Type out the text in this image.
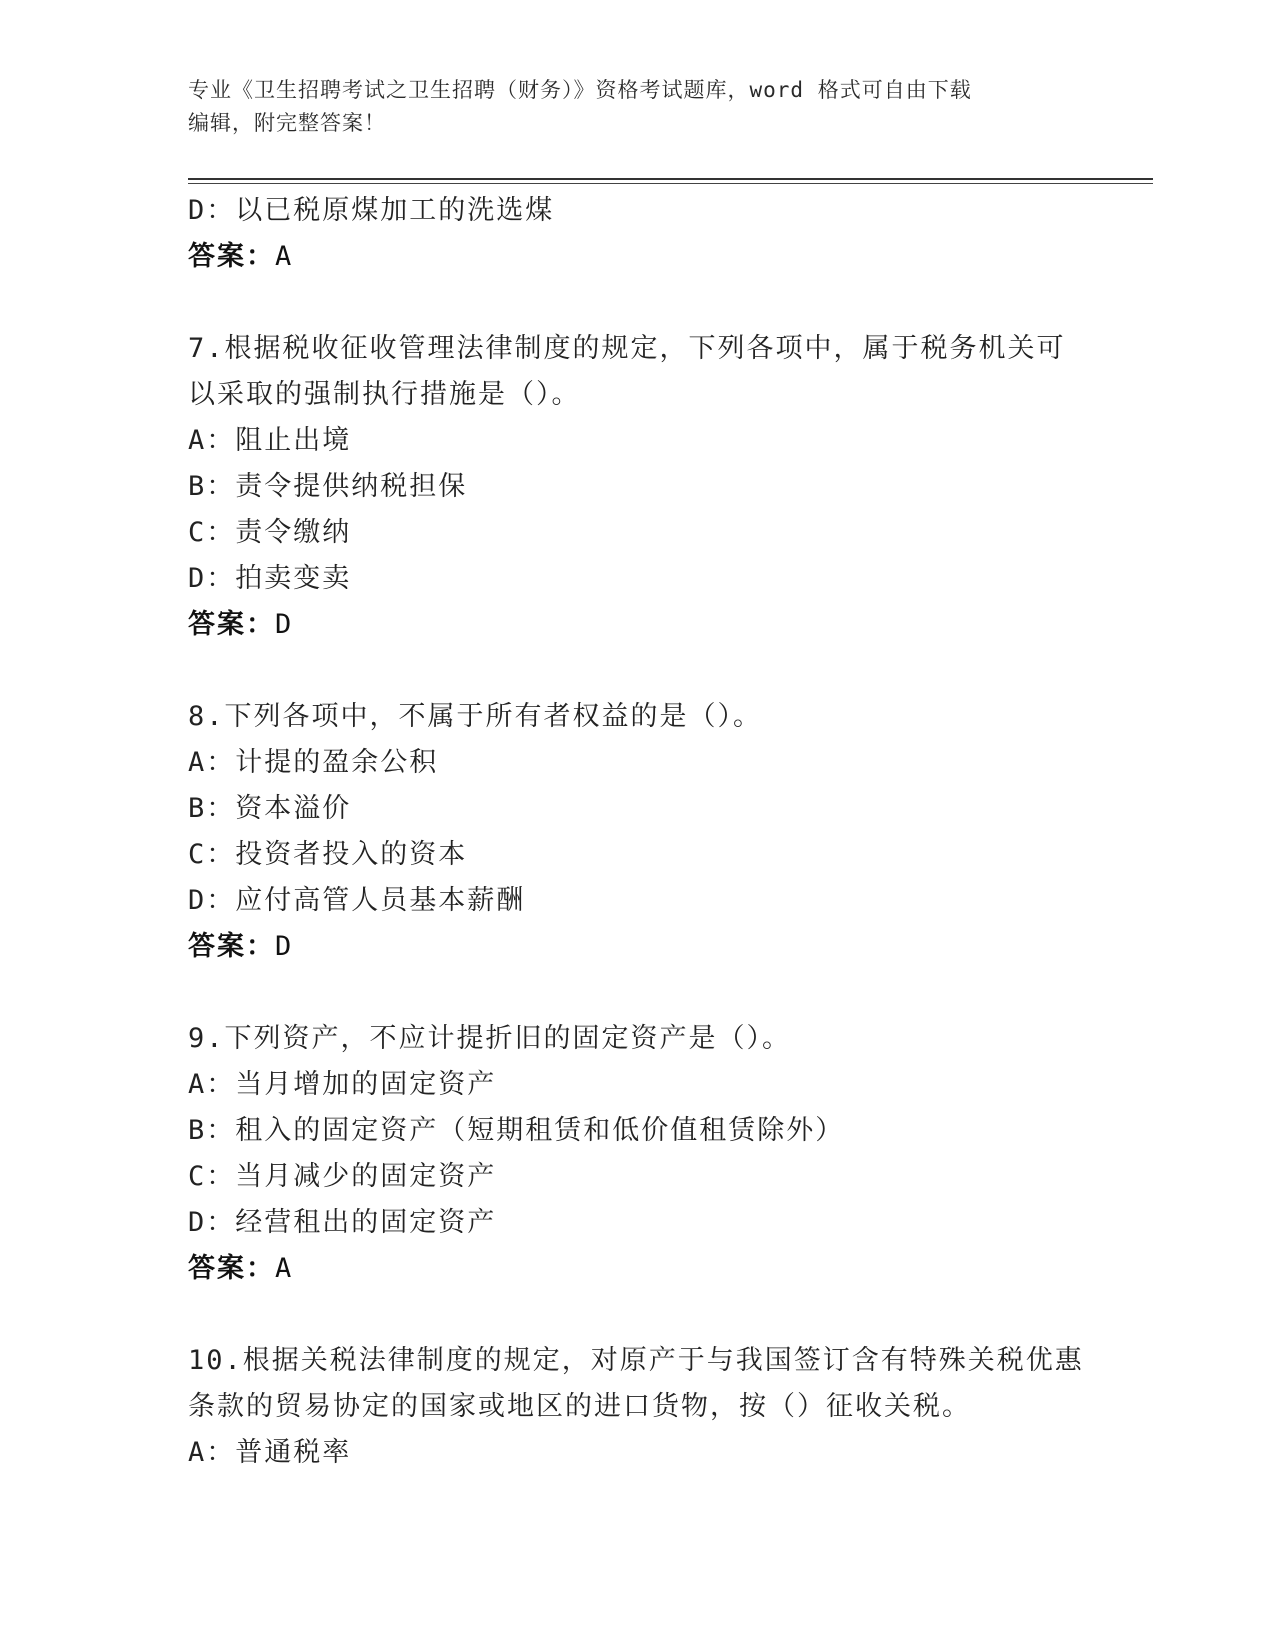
专业《卫生招聘考试之卫生招聘（财务）》资格考试题库，word 格式可自由下载
编辑，附完整答案！
D：以已税原煤加工的洗选煤
答案：A
7.根据税收征收管理法律制度的规定，下列各项中，属于税务机关可
以采取的强制执行措施是（）。
A：阻止出境
B：责令提供纳税担保
C：责令缴纳
D：拍卖变卖
答案：D
8.下列各项中，不属于所有者权益的是（）。
A：计提的盈余公积
B：资本溢价
C：投资者投入的资本
D：应付高管人员基本薪酬
答案：D
9.下列资产，不应计提折旧的固定资产是（）。
A：当月增加的固定资产
B：租入的固定资产（短期租赁和低价值租赁除外）
C：当月减少的固定资产
D：经营租出的固定资产
答案：A
10.根据关税法律制度的规定，对原产于与我国签订含有特殊关税优惠
条款的贸易协定的国家或地区的进口货物，按（）征收关税。
A：普通税率
